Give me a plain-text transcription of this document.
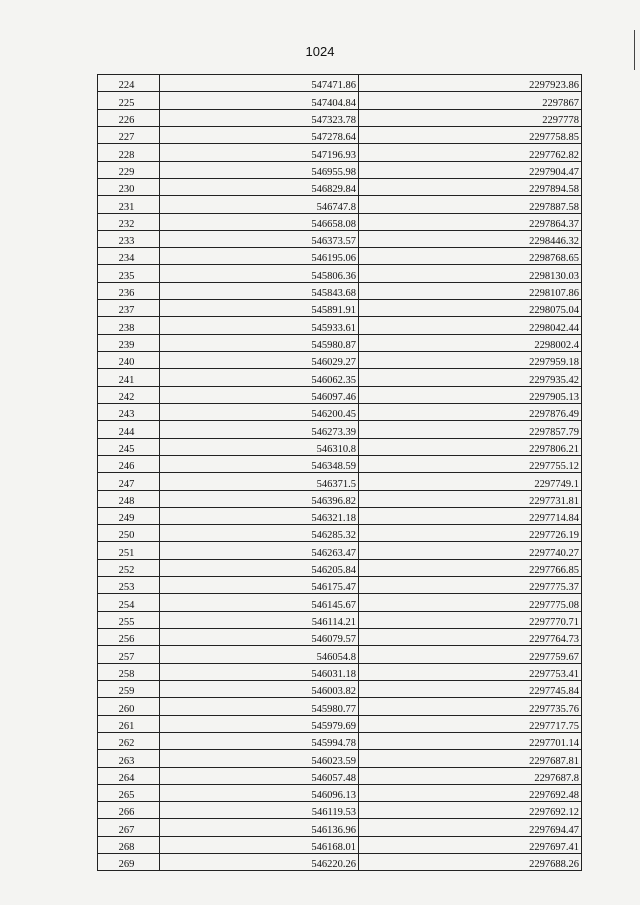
1024
224	547471.86	2297923.86
225	547404.84	2297867
226	547323.78	2297778
227	547278.64	2297758.85
228	547196.93	2297762.82
229	546955.98	2297904.47
230	546829.84	2297894.58
231	546747.8	2297887.58
232	546658.08	2297864.37
233	546373.57	2298446.32
234	546195.06	2298768.65
235	545806.36	2298130.03
236	545843.68	2298107.86
237	545891.91	2298075.04
238	545933.61	2298042.44
239	545980.87	2298002.4
240	546029.27	2297959.18
241	546062.35	2297935.42
242	546097.46	2297905.13
243	546200.45	2297876.49
244	546273.39	2297857.79
245	546310.8	2297806.21
246	546348.59	2297755.12
247	546371.5	2297749.1
248	546396.82	2297731.81
249	546321.18	2297714.84
250	546285.32	2297726.19
251	546263.47	2297740.27
252	546205.84	2297766.85
253	546175.47	2297775.37
254	546145.67	2297775.08
255	546114.21	2297770.71
256	546079.57	2297764.73
257	546054.8	2297759.67
258	546031.18	2297753.41
259	546003.82	2297745.84
260	545980.77	2297735.76
261	545979.69	2297717.75
262	545994.78	2297701.14
263	546023.59	2297687.81
264	546057.48	2297687.8
265	546096.13	2297692.48
266	546119.53	2297692.12
267	546136.96	2297694.47
268	546168.01	2297697.41
269	546220.26	2297688.26
